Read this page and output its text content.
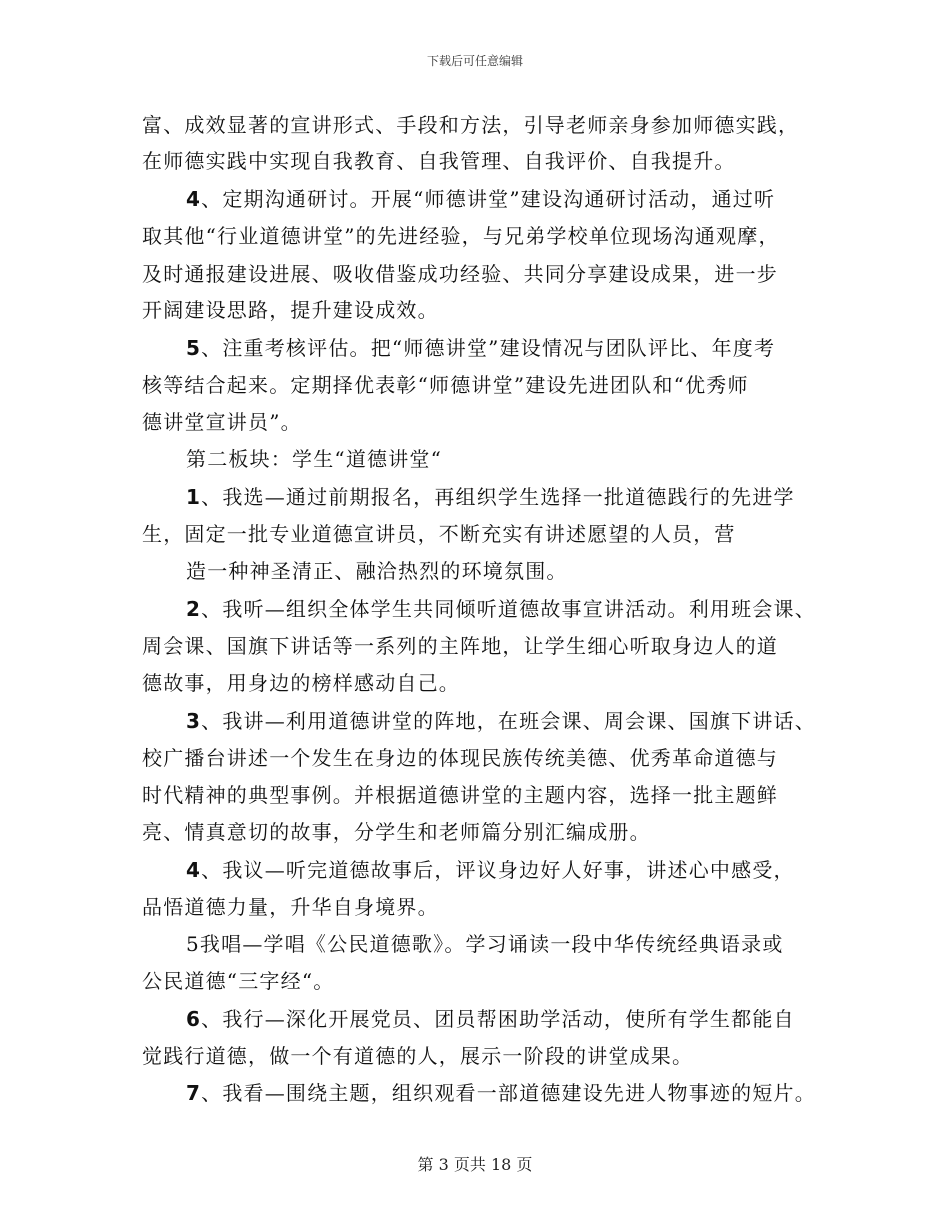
下载后可任意编辑
富、成效显著的宣讲形式、手段和方法，引导老师亲身参加师德实践，
在师德实践中实现自我教育、自我管理、自我评价、自我提升。
4、定期沟通研讨。开展“师德讲堂”建设沟通研讨活动，通过听
取其他“行业道德讲堂”的先进经验，与兄弟学校单位现场沟通观摩，
及时通报建设进展、吸收借鉴成功经验、共同分享建设成果，进一步
开阔建设思路，提升建设成效。
5、注重考核评估。把“师德讲堂”建设情况与团队评比、年度考
核等结合起来。定期择优表彰“师德讲堂”建设先进团队和“优秀师
德讲堂宣讲员”。
第二板块：学生“道德讲堂“
1、我选—通过前期报名，再组织学生选择一批道德践行的先进学
生，固定一批专业道德宣讲员，不断充实有讲述愿望的人员，营
造一种神圣清正、融洽热烈的环境氛围。
2、我听—组织全体学生共同倾听道德故事宣讲活动。利用班会课、
周会课、国旗下讲话等一系列的主阵地，让学生细心听取身边人的道
德故事，用身边的榜样感动自己。
3、我讲—利用道德讲堂的阵地，在班会课、周会课、国旗下讲话、
校广播台讲述一个发生在身边的体现民族传统美德、优秀革命道德与
时代精神的典型事例。并根据道德讲堂的主题内容，选择一批主题鲜
亮、情真意切的故事，分学生和老师篇分别汇编成册。
4、我议—听完道德故事后，评议身边好人好事，讲述心中感受，
品悟道德力量，升华自身境界。
5我唱—学唱《公民道德歌》。学习诵读一段中华传统经典语录或
公民道德“三字经“。
6、我行—深化开展党员、团员帮困助学活动，使所有学生都能自
觉践行道德，做一个有道德的人，展示一阶段的讲堂成果。
7、我看—围绕主题，组织观看一部道德建设先进人物事迹的短片。
第 3 页共 18 页
